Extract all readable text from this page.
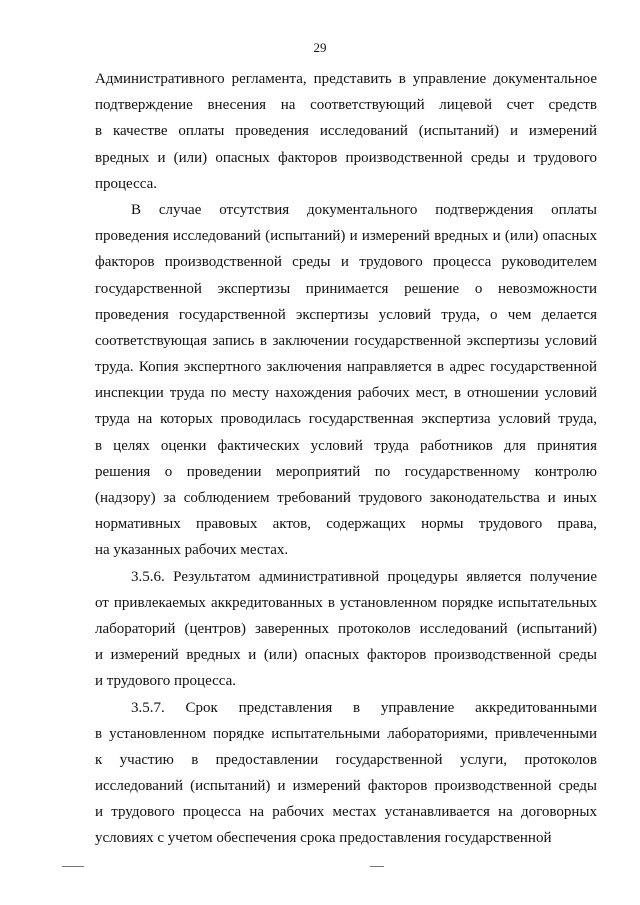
29
Административного регламента, представить в управление документальное
подтверждение внесения на соответствующий лицевой счет средств
в качестве оплаты проведения исследований (испытаний) и измерений
вредных и (или) опасных факторов производственной среды и трудового
процесса.
В случае отсутствия документального подтверждения оплаты
проведения исследований (испытаний) и измерений вредных и (или) опасных
факторов производственной среды и трудового процесса руководителем
государственной экспертизы принимается решение о невозможности
проведения государственной экспертизы условий труда, о чем делается
соответствующая запись в заключении государственной экспертизы условий
труда. Копия экспертного заключения направляется в адрес государственной
инспекции труда по месту нахождения рабочих мест, в отношении условий
труда на которых проводилась государственная экспертиза условий труда,
в целях оценки фактических условий труда работников для принятия
решения о проведении мероприятий по государственному контролю
(надзору) за соблюдением требований трудового законодательства и иных
нормативных правовых актов, содержащих нормы трудового права,
на указанных рабочих местах.
3.5.6. Результатом административной процедуры является получение
от привлекаемых аккредитованных в установленном порядке испытательных
лабораторий (центров) заверенных протоколов исследований (испытаний)
и измерений вредных и (или) опасных факторов производственной среды
и трудового процесса.
3.5.7. Срок представления в управление аккредитованными
в установленном порядке испытательными лабораториями, привлеченными
к участию в предоставлении государственной услуги, протоколов
исследований (испытаний) и измерений факторов производственной среды
и трудового процесса на рабочих местах устанавливается на договорных
условиях с учетом обеспечения срока предоставления государственной
